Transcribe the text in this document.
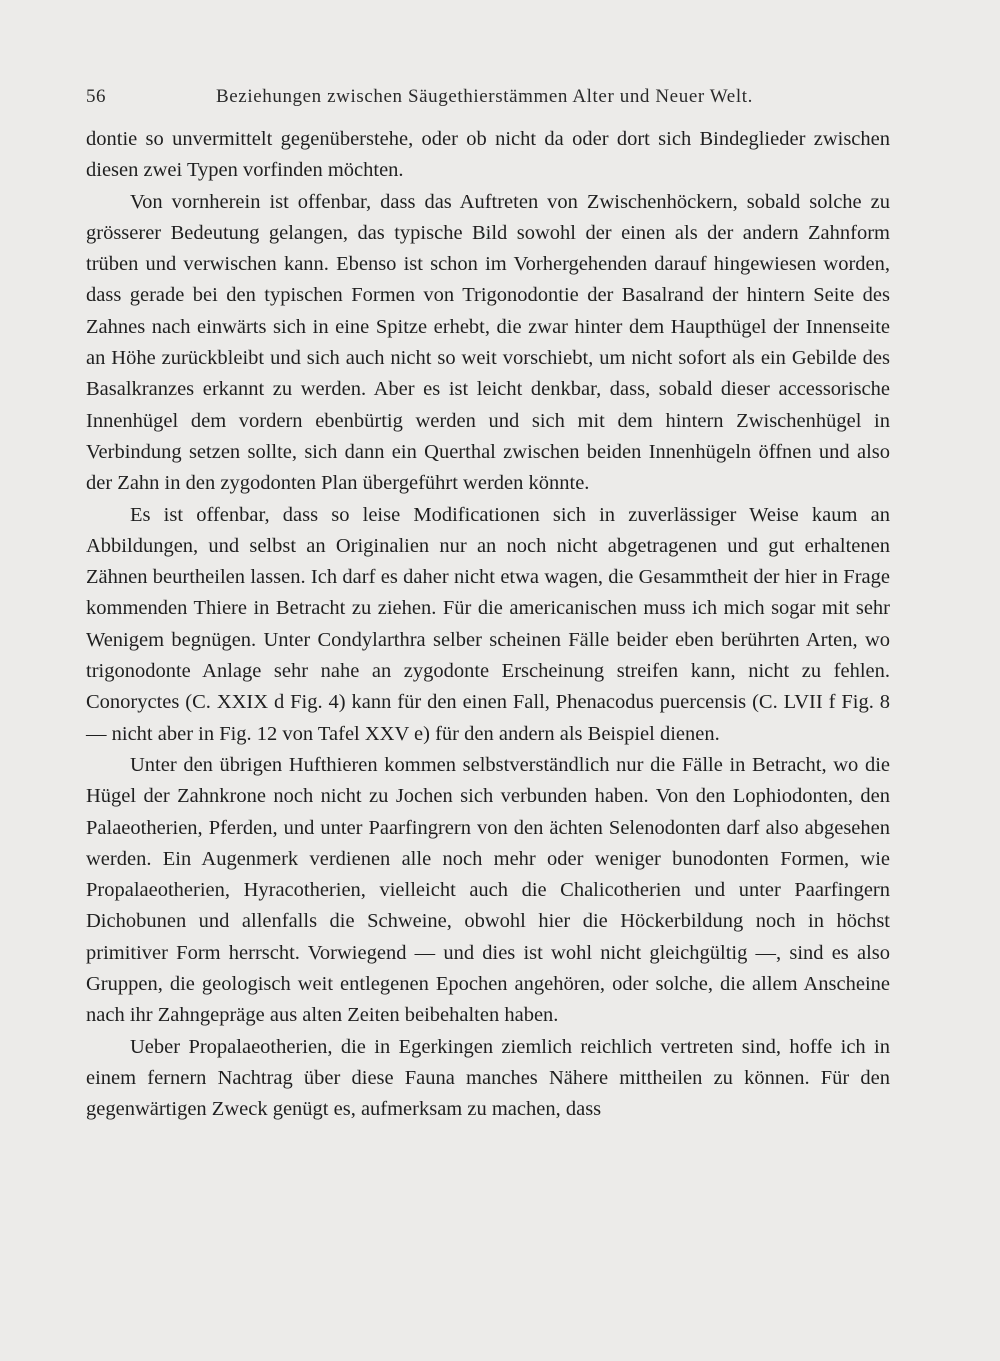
56	Beziehungen zwischen Säugethierstämmen Alter und Neuer Welt.

dontie so unvermittelt gegenüberstehe, oder ob nicht da oder dort sich Bindeglieder zwischen diesen zwei Typen vorfinden möchten.

Von vornherein ist offenbar, dass das Auftreten von Zwischenhöckern, sobald solche zu grösserer Bedeutung gelangen, das typische Bild sowohl der einen als der andern Zahnform trüben und verwischen kann. Ebenso ist schon im Vorhergehenden darauf hingewiesen worden, dass gerade bei den typischen Formen von Trigonodontie der Basalrand der hintern Seite des Zahnes nach einwärts sich in eine Spitze erhebt, die zwar hinter dem Haupthügel der Innenseite an Höhe zurückbleibt und sich auch nicht so weit vorschiebt, um nicht sofort als ein Gebilde des Basalkranzes erkannt zu werden. Aber es ist leicht denkbar, dass, sobald dieser accessorische Innenhügel dem vordern ebenbürtig werden und sich mit dem hintern Zwischenhügel in Verbindung setzen sollte, sich dann ein Querthal zwischen beiden Innenhügeln öffnen und also der Zahn in den zygodonten Plan übergeführt werden könnte.

Es ist offenbar, dass so leise Modificationen sich in zuverlässiger Weise kaum an Abbildungen, und selbst an Originalien nur an noch nicht abgetragenen und gut erhaltenen Zähnen beurtheilen lassen. Ich darf es daher nicht etwa wagen, die Gesammtheit der hier in Frage kommenden Thiere in Betracht zu ziehen. Für die americanischen muss ich mich sogar mit sehr Wenigem begnügen. Unter Condylarthra selber scheinen Fälle beider eben berührten Arten, wo trigonodonte Anlage sehr nahe an zygodonte Erscheinung streifen kann, nicht zu fehlen. Conoryctes (C. XXIX d Fig. 4) kann für den einen Fall, Phenacodus puercensis (C. LVII f Fig. 8 — nicht aber in Fig. 12 von Tafel XXV e) für den andern als Beispiel dienen.

Unter den übrigen Hufthieren kommen selbstverständlich nur die Fälle in Betracht, wo die Hügel der Zahnkrone noch nicht zu Jochen sich verbunden haben. Von den Lophiodonten, den Palaeotherien, Pferden, und unter Paarfingrern von den ächten Selenodonten darf also abgesehen werden. Ein Augenmerk verdienen alle noch mehr oder weniger bunodonten Formen, wie Propalaeotherien, Hyracotherien, vielleicht auch die Chalicotherien und unter Paarfingern Dichobunen und allenfalls die Schweine, obwohl hier die Höckerbildung noch in höchst primitiver Form herrscht. Vorwiegend — und dies ist wohl nicht gleichgültig —, sind es also Gruppen, die geologisch weit entlegenen Epochen angehören, oder solche, die allem Anscheine nach ihr Zahngepräge aus alten Zeiten beibehalten haben.

Ueber Propalaeotherien, die in Egerkingen ziemlich reichlich vertreten sind, hoffe ich in einem fernern Nachtrag über diese Fauna manches Nähere mittheilen zu können. Für den gegenwärtigen Zweck genügt es, aufmerksam zu machen, dass
